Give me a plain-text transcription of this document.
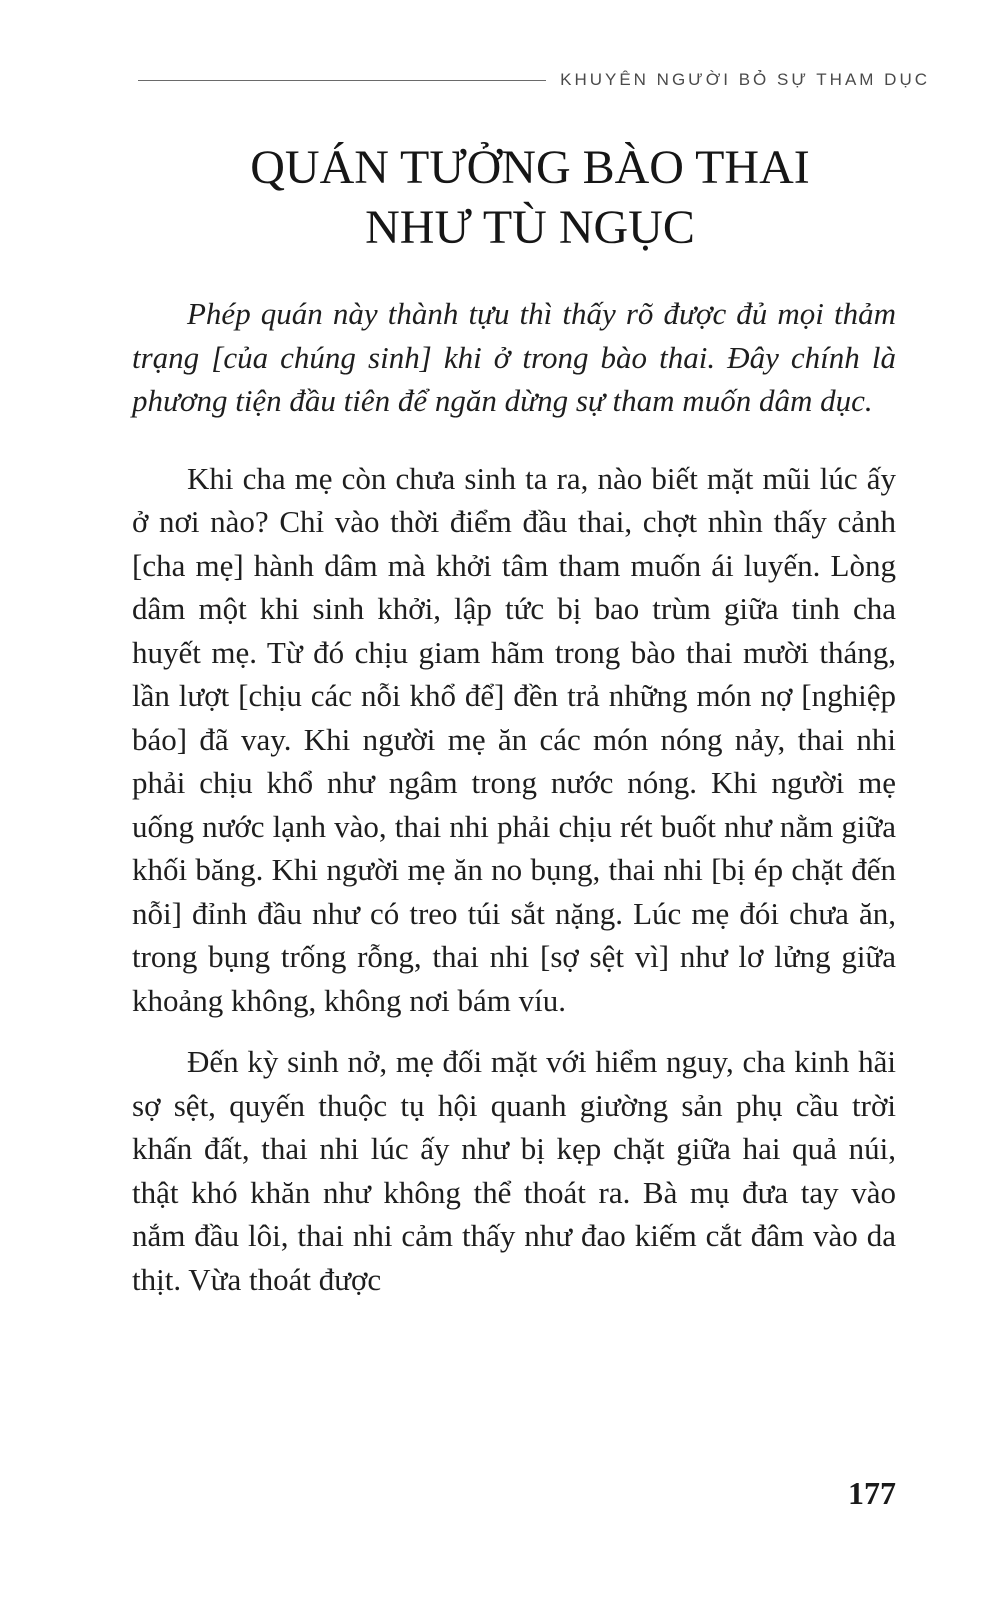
KHUYÊN NGƯỜI BỎ SỰ THAM DỤC
QUÁN TƯỞNG BÀO THAI
NHƯ TÙ NGỤC

Phép quán này thành tựu thì thấy rõ được đủ mọi thảm trạng [của chúng sinh] khi ở trong bào thai. Đây chính là phương tiện đầu tiên để ngăn dừng sự tham muốn dâm dục.

Khi cha mẹ còn chưa sinh ta ra, nào biết mặt mũi lúc ấy ở nơi nào? Chỉ vào thời điểm đầu thai, chợt nhìn thấy cảnh [cha mẹ] hành dâm mà khởi tâm tham muốn ái luyến. Lòng dâm một khi sinh khởi, lập tức bị bao trùm giữa tinh cha huyết mẹ. Từ đó chịu giam hãm trong bào thai mười tháng, lần lượt [chịu các nỗi khổ để] đền trả những món nợ [nghiệp báo] đã vay. Khi người mẹ ăn các món nóng nảy, thai nhi phải chịu khổ như ngâm trong nước nóng. Khi người mẹ uống nước lạnh vào, thai nhi phải chịu rét buốt như nằm giữa khối băng. Khi người mẹ ăn no bụng, thai nhi [bị ép chặt đến nỗi] đỉnh đầu như có treo túi sắt nặng. Lúc mẹ đói chưa ăn, trong bụng trống rỗng, thai nhi [sợ sệt vì] như lơ lửng giữa khoảng không, không nơi bám víu.

Đến kỳ sinh nở, mẹ đối mặt với hiểm nguy, cha kinh hãi sợ sệt, quyến thuộc tụ hội quanh giường sản phụ cầu trời khấn đất, thai nhi lúc ấy như bị kẹp chặt giữa hai quả núi, thật khó khăn như không thể thoát ra. Bà mụ đưa tay vào nắm đầu lôi, thai nhi cảm thấy như đao kiếm cắt đâm vào da thịt. Vừa thoát được

177
